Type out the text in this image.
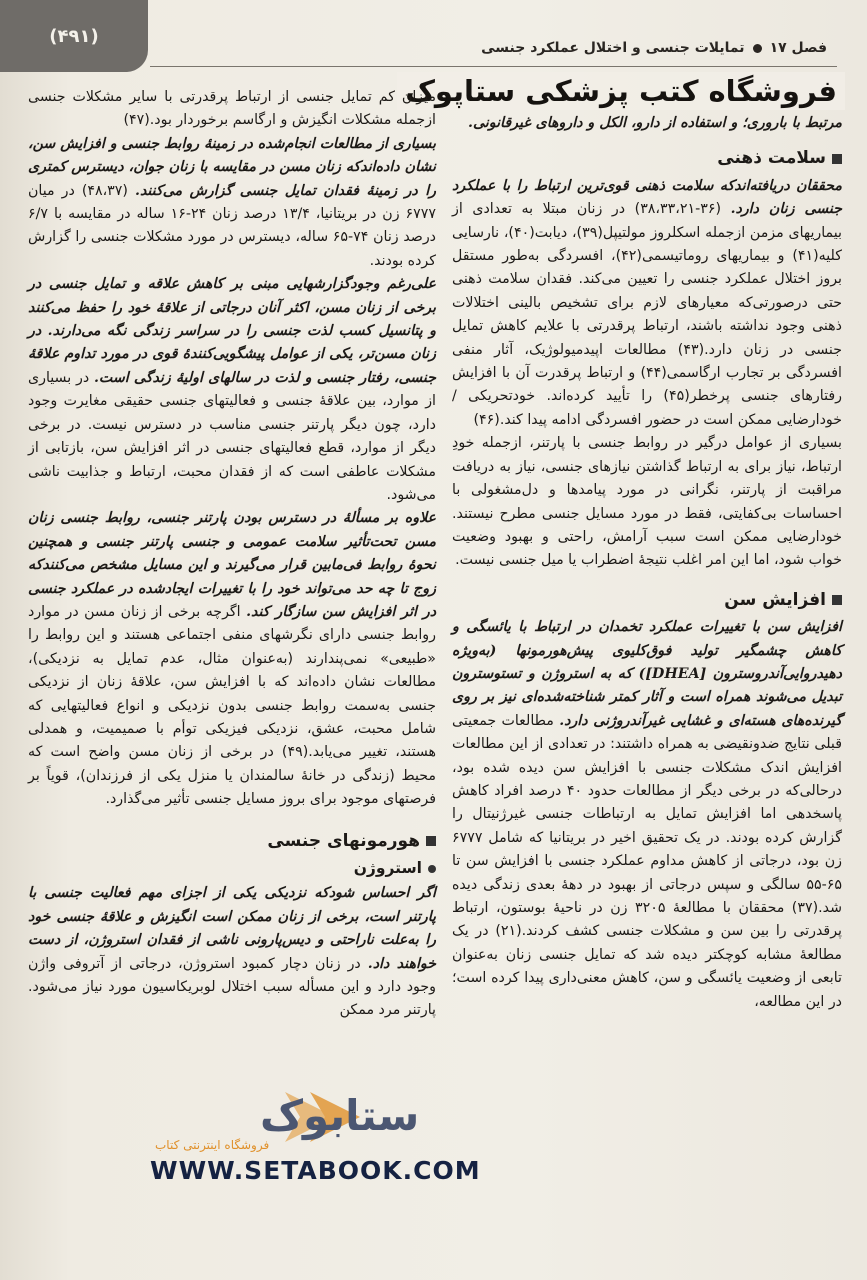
(۴۹۱)
فصل ۱۷
تمایلات جنسی و اختلال عملکرد جنسی
فروشگاه کتب پزشکی ستاپوک

مرتبط با باروری؛ و استفاده از دارو، الکل و داروهای غیرقانونی.

سلامت ذهنی

محققان دریافته‌اندکه سلامت ذهنی قوی‌ترین ارتباط را با عملکرد جنسی زنان دارد. (۳۶-۳۸،۳۳،۲۱) در زنان مبتلا به تعدادی از بیماریهای مزمن ازجمله اسکلروز مولتیپل(۳۹)، دیابت(۴۰)، نارسایی کلیه(۴۱) و بیماریهای روماتیسمی(۴۲)، افسردگی به‌طور مستقل بروز اختلال عملکرد جنسی را تعیین می‌کند. فقدان سلامت ذهنی حتی درصورتی‌که معیارهای لازم برای تشخیص بالینی اختلالات ذهنی وجود نداشته باشند، ارتباط پرقدرتی با علایم کاهش تمایل جنسی در زنان دارد.(۴۳) مطالعات اپیدمیولوژیک، آثار منفی افسردگی بر تجارب ارگاسمی(۴۴) و ارتباط پرقدرت آن با افزایش رفتارهای جنسی پرخطر(۴۵) را تأیید کرده‌اند. خودتحریکی / خودارضایی ممکن است در حضور افسردگی ادامه پیدا کند.(۴۶)

بسیاری از عوامل درگیر در روابط جنسی با پارتنر، ازجمله خودِ ارتباط، نیاز برای به ارتباط گذاشتن نیازهای جنسی، نیاز به دریافت مراقبت از پارتنر، نگرانی در مورد پیامدها و دل‌مشغولی با احساسات بی‌کفایتی، فقط در مورد مسایل جنسی مطرح نیستند. خودارضایی ممکن است سبب آرامش، راحتی و بهبود وضعیت خواب شود، اما این امر اغلب نتیجهٔ اضطراب یا میل جنسی نیست.

افزایش سن

افزایش سن با تغییرات عملکرد تخمدان در ارتباط با یائسگی و کاهش چشمگیر تولید فوق‌کلیوی پیش‌هورمونها (به‌ویژه دهیدروایی‌آندروسترون [DHEA]) که به استروژن و تستوسترون تبدیل می‌شوند همراه است و آثار کمتر شناخته‌شده‌ای نیز بر روی گیرنده‌های هسته‌ای و غشایی غیرآندروژنی دارد. مطالعات جمعیتی قبلی نتایج ضدونقیضی به همراه داشتند: در تعدادی از این مطالعات افزایش اندک مشکلات جنسی با افزایش سن دیده شده بود، درحالی‌که در برخی دیگر از مطالعات حدود ۴۰ درصد افراد کاهش پاسخدهی اما افزایش تمایل به ارتباطات جنسی غیرژنیتال را گزارش کرده بودند. در یک تحقیق اخیر در بریتانیا که شامل ۶۷۷۷ زن بود، درجاتی از کاهش مداوم عملکرد جنسی با افزایش سن تا ۶۵-۵۵ سالگی و سپس درجاتی از بهبود در دههٔ بعدی زندگی دیده شد.(۳۷) محققان با مطالعهٔ ۳۲۰۵ زن در ناحیهٔ بوستون، ارتباط پرقدرتی را بین سن و مشکلات جنسی کشف کردند.(۲۱) در یک مطالعهٔ مشابه کوچکتر دیده شد که تمایل جنسی زنان به‌عنوان تابعی از وضعیت یائسگی و سن، کاهش معنی‌داری پیدا کرده است؛ در این مطالعه،

میزان کم تمایل جنسی از ارتباط پرقدرتی با سایر مشکلات جنسی ازجمله مشکلات انگیزش و ارگاسم برخوردار بود.(۴۷)

بسیاری از مطالعات انجام‌شده در زمینهٔ روابط جنسی و افزایش سن، نشان داده‌اندکه زنان مسن در مقایسه با زنان جوان، دیسترس کمتری را در زمینهٔ فقدان تمایل جنسی گزارش می‌کنند. (۴۸،۳۷) در میان ۶۷۷۷ زن در بریتانیا، ۱۳/۴ درصد زنان ۲۴-۱۶ ساله در مقایسه با ۶/۷ درصد زنان ۷۴-۶۵ ساله، دیسترس در مورد مشکلات جنسی را گزارش کرده بودند.

علی‌رغم وجودگزارشهایی مبنی بر کاهش علاقه و تمایل جنسی در برخی از زنان مسن، اکثر آنان درجاتی از علاقهٔ خود را حفظ می‌کنند و پتانسیل کسب لذت جنسی را در سراسر زندگی نگه می‌دارند. در زنان مسن‌تر، یکی از عوامل پیشگویی‌کنندهٔ قوی در مورد تداوم علاقهٔ جنسی، رفتار جنسی و لذت در سالهای اولیهٔ زندگی است. در بسیاری از موارد، بین علاقهٔ جنسی و فعالیتهای جنسی حقیقی مغایرت وجود دارد، چون دیگر پارتنر جنسی مناسب در دسترس نیست. در برخی دیگر از موارد، قطع فعالیتهای جنسی در اثر افزایش سن، بازتابی از مشکلات عاطفی است که از فقدان محبت، ارتباط و جذابیت ناشی می‌شود.

علاوه بر مسألهٔ در دسترس بودن پارتنر جنسی، روابط جنسی زنان مسن تحت‌تأثیر سلامت عمومی و جنسی پارتنر جنسی و همچنین نحوهٔ روابط فی‌مابین قرار می‌گیرند و این مسایل مشخص می‌کنندکه زوج تا چه حد می‌تواند خود را با تغییرات ایجادشده در عملکرد جنسی در اثر افزایش سن سازگار کند. اگرچه برخی از زنان مسن در موارد روابط جنسی دارای نگرشهای منفی اجتماعی هستند و این روابط را «طبیعی» نمی‌پندارند (به‌عنوان مثال، عدم تمایل به نزدیکی)، مطالعات نشان داده‌اند که با افزایش سن، علاقهٔ زنان از نزدیکی جنسی به‌سمت روابط جنسی بدون نزدیکی و انواع فعالیتهایی که شامل محبت، عشق، نزدیکی فیزیکی توأم با صمیمیت، و همدلی هستند، تغییر می‌یابد.(۴۹) در برخی از زنان مسن واضح است که محیط (زندگی در خانهٔ سالمندان یا منزل یکی از فرزندان)، قویاً بر فرصتهای موجود برای بروز مسایل جنسی تأثیر می‌گذارد.

هورمونهای جنسی
استروژن

اگر احساس شودکه نزدیکی یکی از اجزای مهم فعالیت جنسی با پارتنر است، برخی از زنان ممکن است انگیزش و علاقهٔ جنسی خود را به‌علت ناراحتی و دیس‌پارونی ناشی از فقدان استروژن، از دست خواهند داد. در زنان دچار کمبود استروژن، درجاتی از آتروفی واژن وجود دارد و این مسأله سبب اختلال لوبریکاسیون مورد نیاز می‌شود. پارتنر مرد ممکن

ستابوک
فروشگاه اینترنتی کتاب
WWW.SETABOOK.COM
